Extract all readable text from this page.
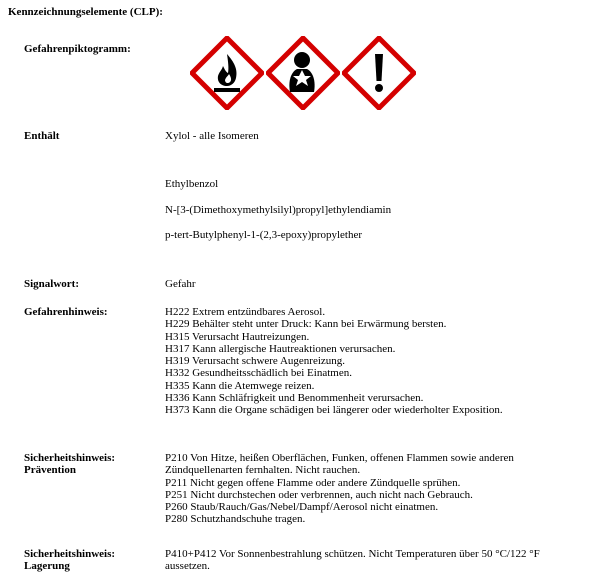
Kennzeichnungselemente (CLP):
Gefahrenpiktogramm:
Enthält	Xylol - alle Isomeren
Ethylbenzol
N-[3-(Dimethoxymethylsilyl)propyl]ethylendiamin
p-tert-Butylphenyl-1-(2,3-epoxy)propylether
Signalwort:	Gefahr
Gefahrenhinweis:	H222 Extrem entzündbares Aerosol.
H229 Behälter steht unter Druck: Kann bei Erwärmung bersten.
H315 Verursacht Hautreizungen.
H317 Kann allergische Hautreaktionen verursachen.
H319 Verursacht schwere Augenreizung.
H332 Gesundheitsschädlich bei Einatmen.
H335 Kann die Atemwege reizen.
H336 Kann Schläfrigkeit und Benommenheit verursachen.
H373 Kann die Organe schädigen bei längerer oder wiederholter Exposition.
Sicherheitshinweis:
Prävention
P210 Von Hitze, heißen Oberflächen, Funken, offenen Flammen sowie anderen
Zündquellenarten fernhalten. Nicht rauchen.
P211 Nicht gegen offene Flamme oder andere Zündquelle sprühen.
P251 Nicht durchstechen oder verbrennen, auch nicht nach Gebrauch.
P260 Staub/Rauch/Gas/Nebel/Dampf/Aerosol nicht einatmen.
P280 Schutzhandschuhe tragen.
Sicherheitshinweis:
Lagerung
P410+P412 Vor Sonnenbestrahlung schützen. Nicht Temperaturen über 50 °C/122 °F
aussetzen.
